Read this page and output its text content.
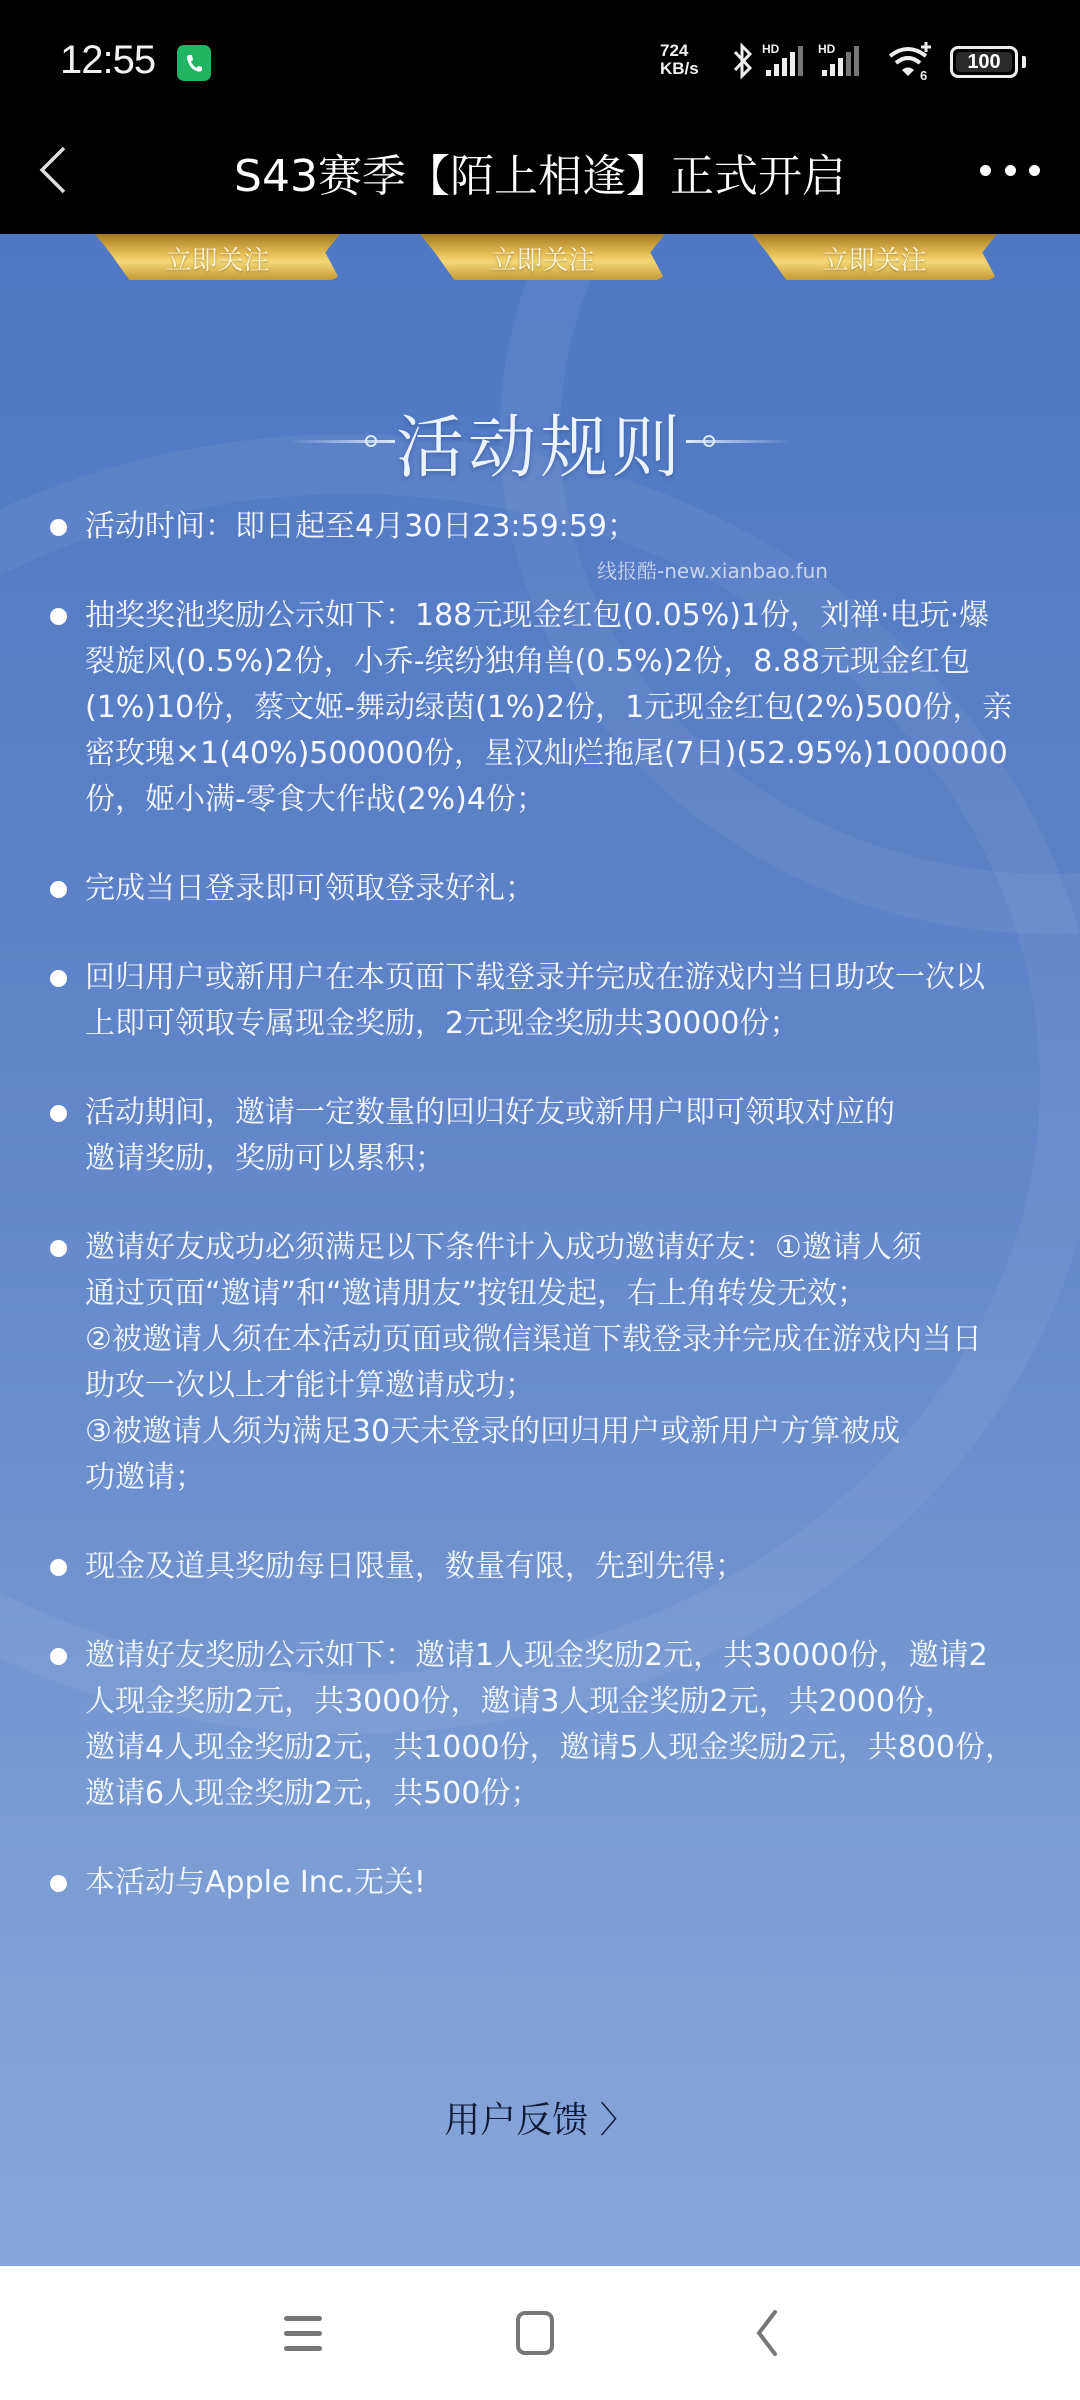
12:55	724
KB/s
HD	HD
6
100
S43赛季【陌上相逢】正式开启
立即关注	立即关注	立即关注
活动规则
线报酷-new.xianbao.fun
活动时间：即日起至4月30日23:59:59；
抽奖奖池奖励公示如下：188元现金红包(0.05%)1份，刘禅·电玩·爆
裂旋风(0.5%)2份，小乔-缤纷独角兽(0.5%)2份，8.88元现金红包
(1%)10份，蔡文姬-舞动绿茵(1%)2份，1元现金红包(2%)500份，亲
密玫瑰×1(40%)500000份，星汉灿烂拖尾(7日)(52.95%)1000000
份，姬小满-零食大作战(2%)4份；
完成当日登录即可领取登录好礼；
回归用户或新用户在本页面下载登录并完成在游戏内当日助攻一次以
上即可领取专属现金奖励，2元现金奖励共30000份；
活动期间，邀请一定数量的回归好友或新用户即可领取对应的
邀请奖励，奖励可以累积；
邀请好友成功必须满足以下条件计入成功邀请好友：①邀请人须
通过页面“邀请”和“邀请朋友”按钮发起，右上角转发无效；
②被邀请人须在本活动页面或微信渠道下载登录并完成在游戏内当日
助攻一次以上才能计算邀请成功；
③被邀请人须为满足30天未登录的回归用户或新用户方算被成
功邀请；
现金及道具奖励每日限量，数量有限，先到先得；
邀请好友奖励公示如下：邀请1人现金奖励2元，共30000份，邀请2
人现金奖励2元，共3000份，邀请3人现金奖励2元，共2000份，
邀请4人现金奖励2元，共1000份，邀请5人现金奖励2元，共800份，
邀请6人现金奖励2元，共500份；
本活动与Apple Inc.无关!
用户反馈 〉
